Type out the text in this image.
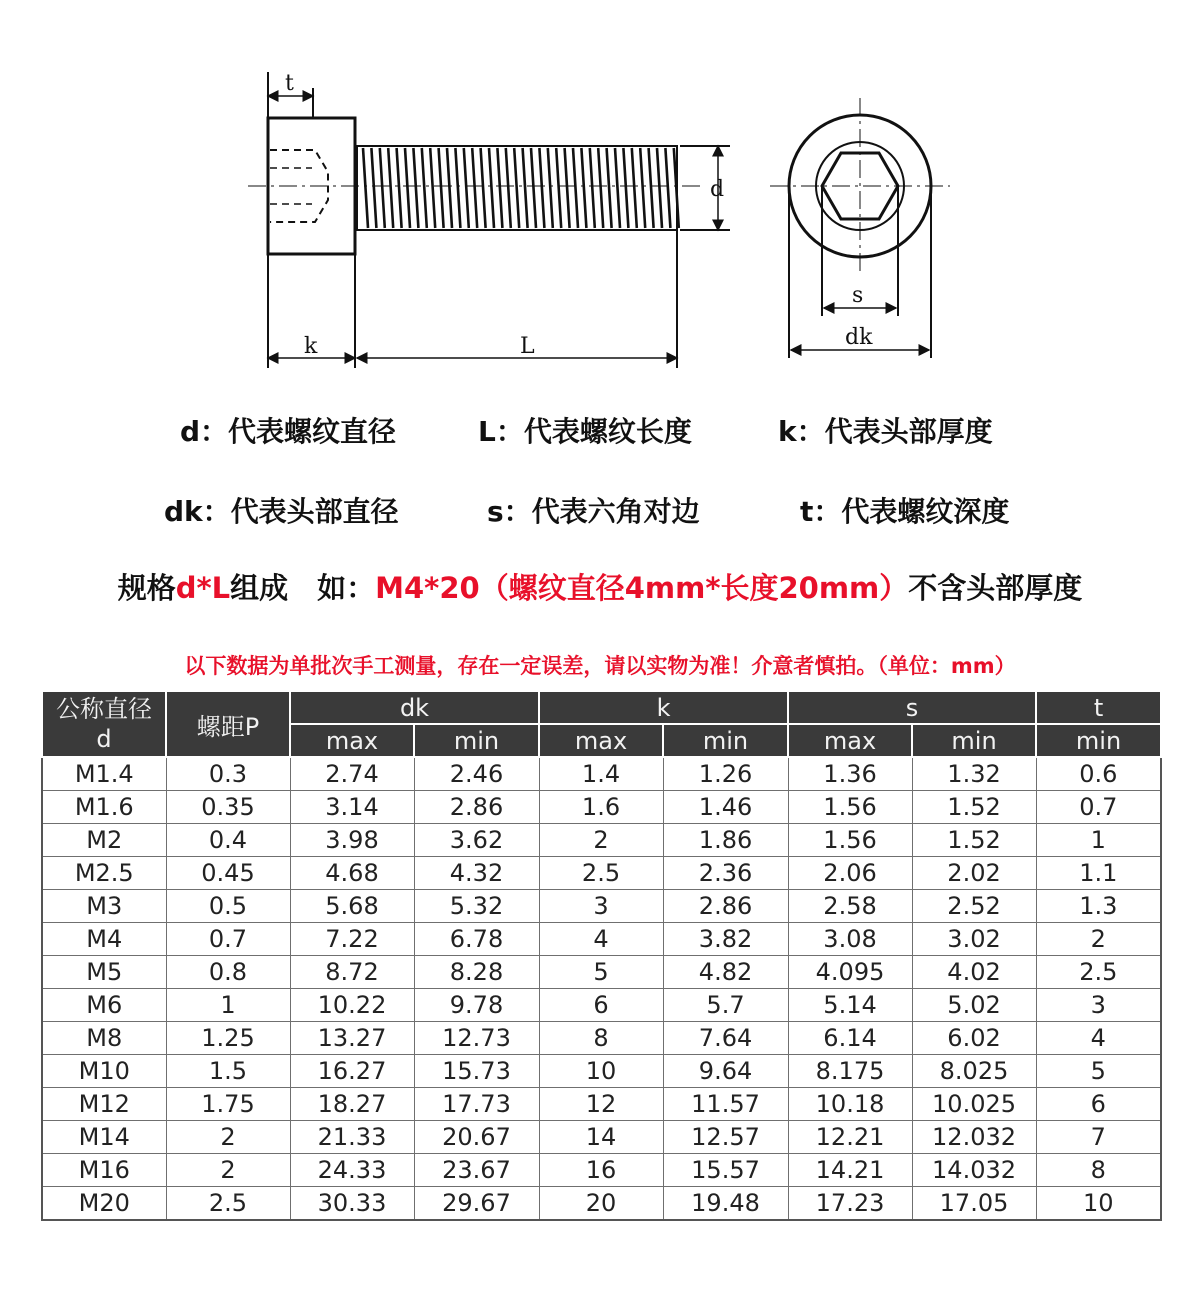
t
k	L
d
s
dk
d：代表螺纹直径	L：代表螺纹长度	k：代表头部厚度
dk：代表头部直径	s：代表六角对边	t：代表螺纹深度
规格d*L组成　如：M4*20（螺纹直径4mm*长度20mm）不含头部厚度
以下数据为单批次手工测量，存在一定误差，请以实物为准！介意者慎拍。（单位：mm）
公称直径
d	螺距P	dk		k		s		t
		max	min	max	min	max	min	min
M1.4	0.3	2.74	2.46	1.4	1.26	1.36	1.32	0.6
M1.6	0.35	3.14	2.86	1.6	1.46	1.56	1.52	0.7
M2	0.4	3.98	3.62	2	1.86	1.56	1.52	1
M2.5	0.45	4.68	4.32	2.5	2.36	2.06	2.02	1.1
M3	0.5	5.68	5.32	3	2.86	2.58	2.52	1.3
M4	0.7	7.22	6.78	4	3.82	3.08	3.02	2
M5	0.8	8.72	8.28	5	4.82	4.095	4.02	2.5
M6	1	10.22	9.78	6	5.7	5.14	5.02	3
M8	1.25	13.27	12.73	8	7.64	6.14	6.02	4
M10	1.5	16.27	15.73	10	9.64	8.175	8.025	5
M12	1.75	18.27	17.73	12	11.57	10.18	10.025	6
M14	2	21.33	20.67	14	12.57	12.21	12.032	7
M16	2	24.33	23.67	16	15.57	14.21	14.032	8
M20	2.5	30.33	29.67	20	19.48	17.23	17.05	10
